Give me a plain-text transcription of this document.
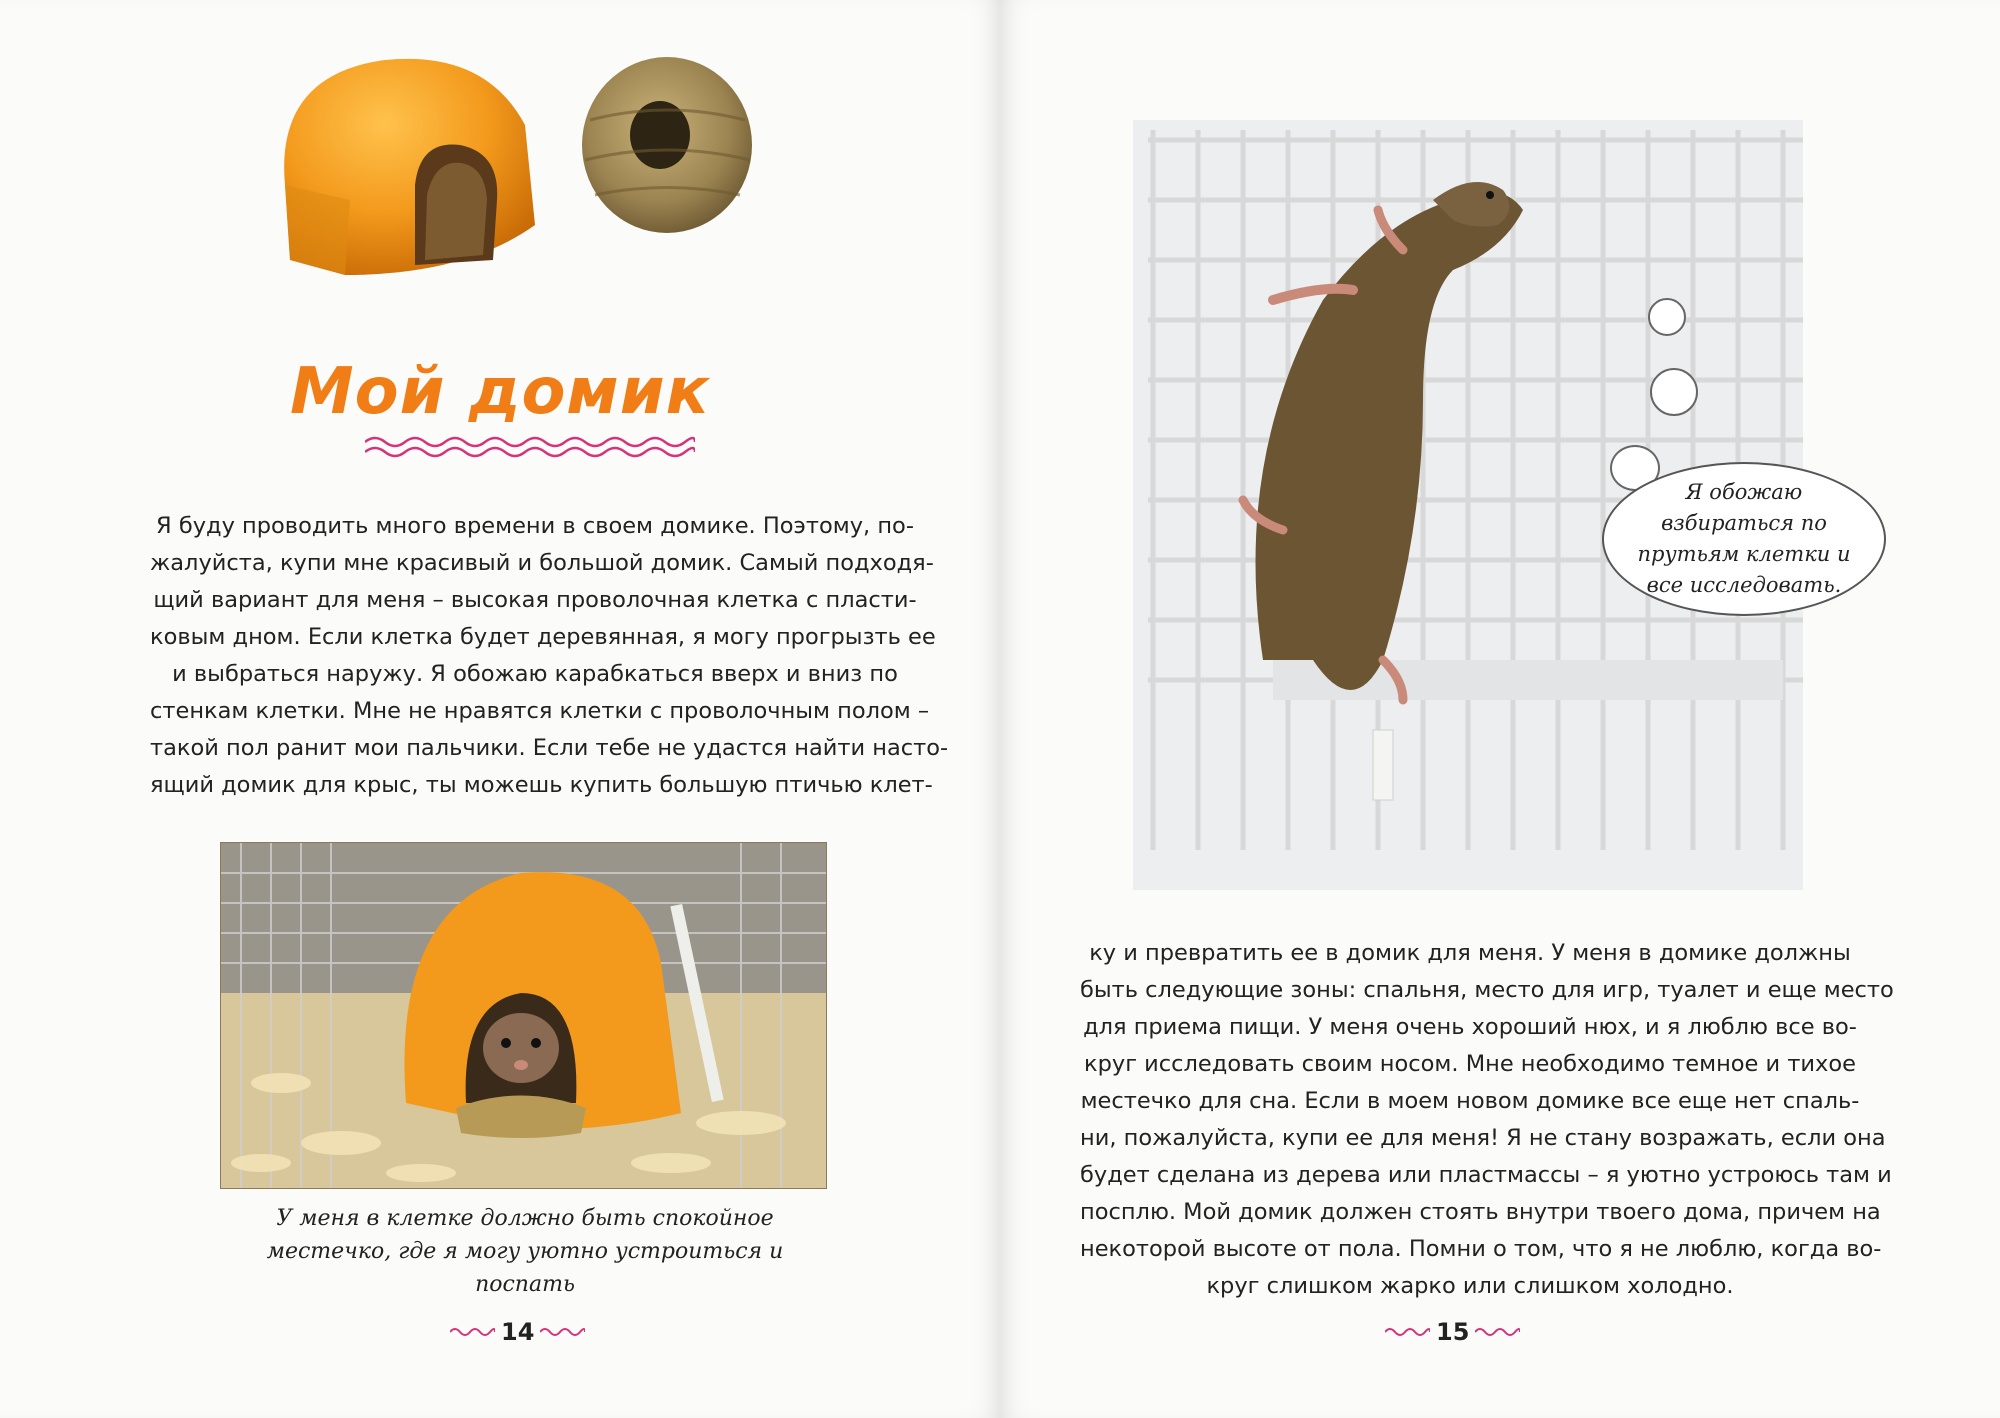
Мой домик

Я буду проводить много времени в своем домике. Поэтому, по-
жалуйста, купи мне красивый и большой домик. Самый подходя-
щий вариант для меня – высокая проволочная клетка с пласти-
ковым дном. Если клетка будет деревянная, я могу прогрызть ее
и выбраться наружу. Я обожаю карабкаться вверх и вниз по
стенкам клетки. Мне не нравятся клетки с проволочным полом –
такой пол ранит мои пальчики. Если тебе не удастся найти насто-
ящий домик для крыс, ты можешь купить большую птичью клет-

У меня в клетке должно быть спокойное
местечко, где я могу уютно устроиться и
поспать
14
Я обожаю
взбираться по
прутьям клетки и
все исследовать.

ку и превратить ее в домик для меня. У меня в домике должны
быть следующие зоны: спальня, место для игр, туалет и еще место
для приема пищи. У меня очень хороший нюх, и я люблю все во-
круг исследовать своим носом. Мне необходимо темное и тихое
местечко для сна. Если в моем новом домике все еще нет спаль-
ни, пожалуйста, купи ее для меня! Я не стану возражать, если она
будет сделана из дерева или пластмассы – я уютно устроюсь там и
посплю. Мой домик должен стоять внутри твоего дома, причем на
некоторой высоте от пола. Помни о том, что я не люблю, когда во-
круг слишком жарко или слишком холодно.

15
